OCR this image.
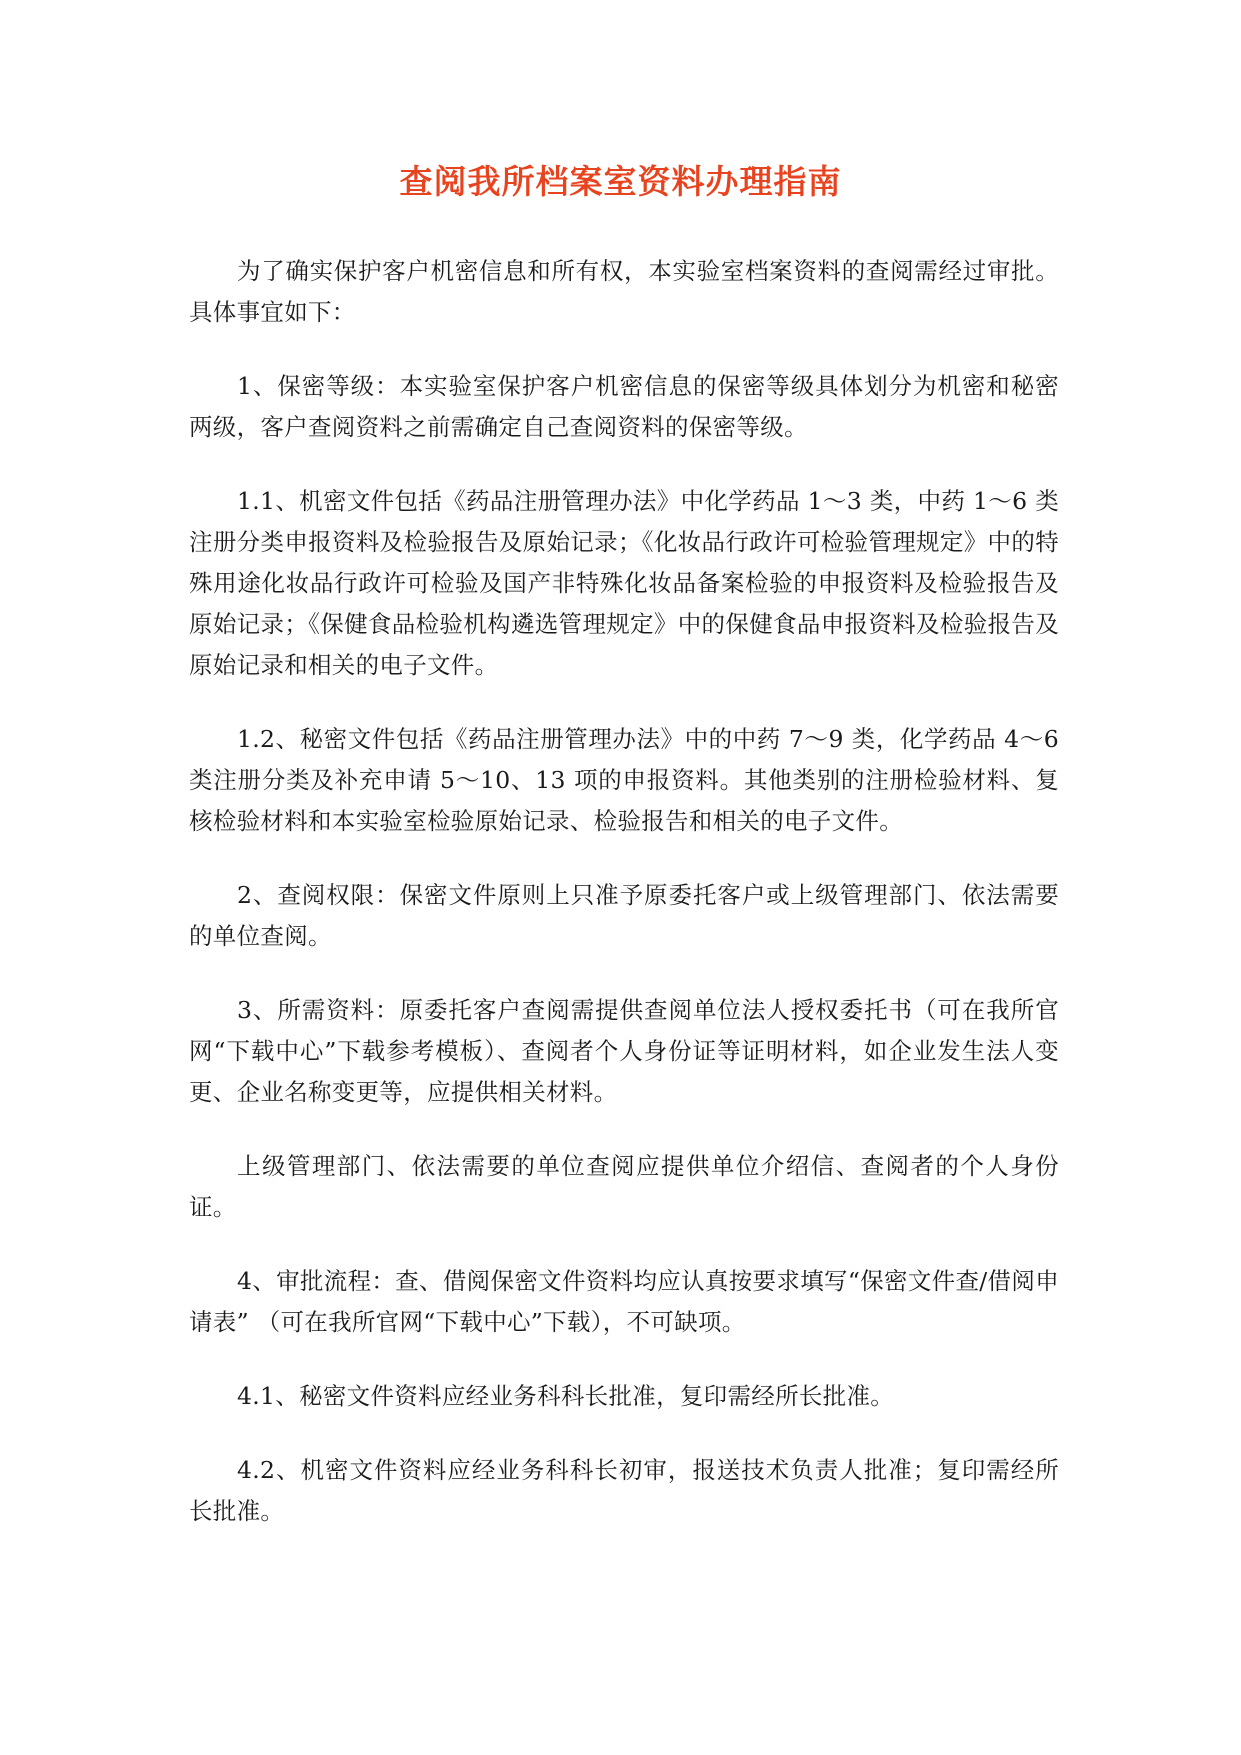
查阅我所档案室资料办理指南

为了确实保护客户机密信息和所有权，本实验室档案资料的查阅需经过审批。具体事宜如下：

1、保密等级：本实验室保护客户机密信息的保密等级具体划分为机密和秘密两级，客户查阅资料之前需确定自己查阅资料的保密等级。

1.1、机密文件包括《药品注册管理办法》中化学药品 1～3 类，中药 1～6 类注册分类申报资料及检验报告及原始记录；《化妆品行政许可检验管理规定》中的特殊用途化妆品行政许可检验及国产非特殊化妆品备案检验的申报资料及检验报告及原始记录；《保健食品检验机构遴选管理规定》中的保健食品申报资料及检验报告及原始记录和相关的电子文件。

1.2、秘密文件包括《药品注册管理办法》中的中药 7～9 类，化学药品 4～6 类注册分类及补充申请 5～10、13 项的申报资料。其他类别的注册检验材料、复核检验材料和本实验室检验原始记录、检验报告和相关的电子文件。

2、查阅权限：保密文件原则上只准予原委托客户或上级管理部门、依法需要的单位查阅。

3、所需资料：原委托客户查阅需提供查阅单位法人授权委托书（可在我所官网“下载中心”下载参考模板）、查阅者个人身份证等证明材料，如企业发生法人变更、企业名称变更等，应提供相关材料。

上级管理部门、依法需要的单位查阅应提供单位介绍信、查阅者的个人身份证。

4、审批流程：查、借阅保密文件资料均应认真按要求填写“保密文件查/借阅申请表” （可在我所官网“下载中心”下载），不可缺项。

4.1、秘密文件资料应经业务科科长批准，复印需经所长批准。

4.2、机密文件资料应经业务科科长初审，报送技术负责人批准；复印需经所长批准。
